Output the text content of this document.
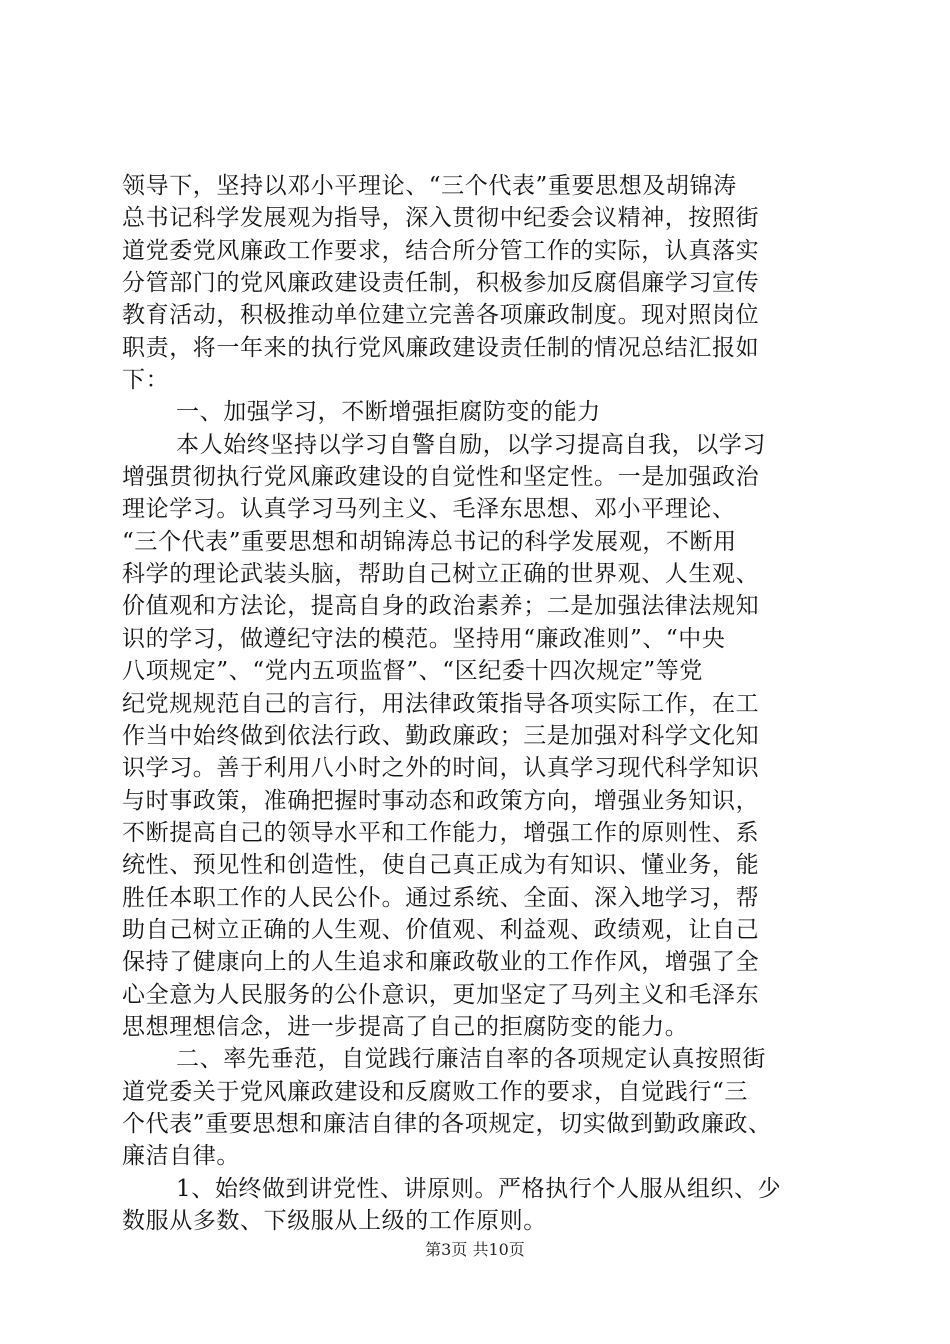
领导下，坚持以邓小平理论、“三个代表”重要思想及胡锦涛
总书记科学发展观为指导，深入贯彻中纪委会议精神，按照街
道党委党风廉政工作要求，结合所分管工作的实际，认真落实
分管部门的党风廉政建设责任制，积极参加反腐倡廉学习宣传
教育活动，积极推动单位建立完善各项廉政制度。现对照岗位
职责，将一年来的执行党风廉政建设责任制的情况总结汇报如
下：
一、加强学习，不断增强拒腐防变的能力
本人始终坚持以学习自警自励，以学习提高自我，以学习
增强贯彻执行党风廉政建设的自觉性和坚定性。一是加强政治
理论学习。认真学习马列主义、毛泽东思想、邓小平理论、
“三个代表”重要思想和胡锦涛总书记的科学发展观，不断用
科学的理论武装头脑，帮助自己树立正确的世界观、人生观、
价值观和方法论，提高自身的政治素养；二是加强法律法规知
识的学习，做遵纪守法的模范。坚持用“廉政准则”、“中央
八项规定”、“党内五项监督”、“区纪委十四次规定”等党
纪党规规范自己的言行，用法律政策指导各项实际工作，在工
作当中始终做到依法行政、勤政廉政；三是加强对科学文化知
识学习。善于利用八小时之外的时间，认真学习现代科学知识
与时事政策，准确把握时事动态和政策方向，增强业务知识，
不断提高自己的领导水平和工作能力，增强工作的原则性、系
统性、预见性和创造性，使自己真正成为有知识、懂业务，能
胜任本职工作的人民公仆。通过系统、全面、深入地学习，帮
助自己树立正确的人生观、价值观、利益观、政绩观，让自己
保持了健康向上的人生追求和廉政敬业的工作作风，增强了全
心全意为人民服务的公仆意识，更加坚定了马列主义和毛泽东
思想理想信念，进一步提高了自己的拒腐防变的能力。
二、率先垂范，自觉践行廉洁自率的各项规定认真按照街
道党委关于党风廉政建设和反腐败工作的要求，自觉践行“三
个代表”重要思想和廉洁自律的各项规定，切实做到勤政廉政、
廉洁自律。
1、始终做到讲党性、讲原则。严格执行个人服从组织、少
数服从多数、下级服从上级的工作原则。
第3页 共10页
